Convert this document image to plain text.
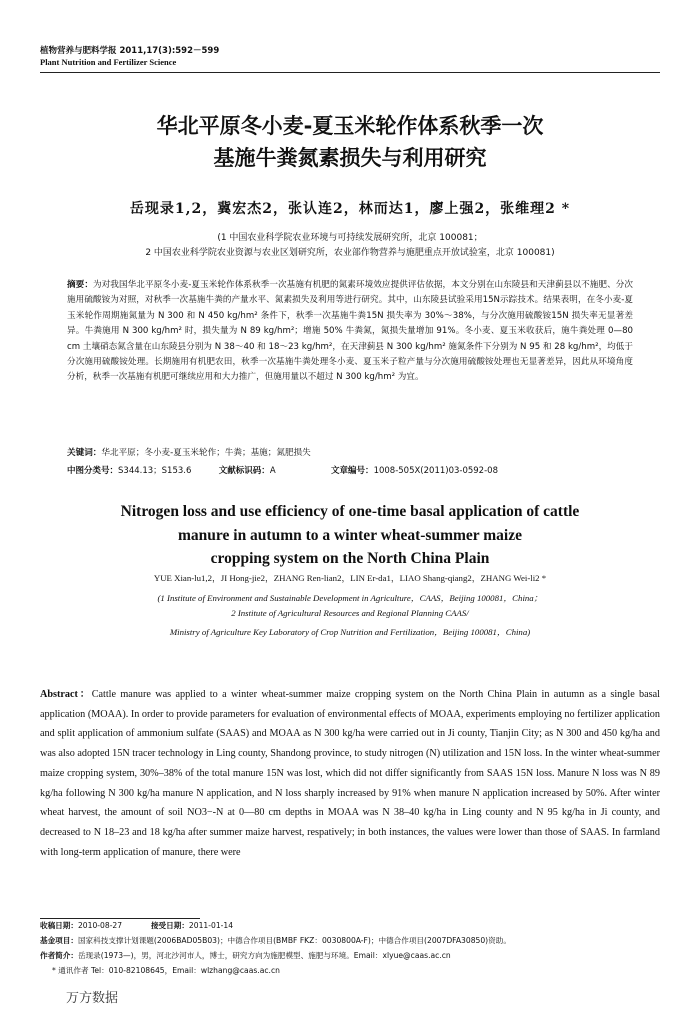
植物营养与肥料学报 2011,17(3):592－599
Plant Nutrition and Fertilizer Science
华北平原冬小麦-夏玉米轮作体系秋季一次
基施牛粪氮素损失与利用研究
岳现录1,2，冀宏杰2，张认连2，林而达1，廖上强2，张维理2 *
(1 中国农业科学院农业环境与可持续发展研究所，北京 100081；
2 中国农业科学院农业资源与农业区划研究所，农业部作物营养与施肥重点开放试验室，北京 100081)
摘要：为对我国华北平原冬小麦-夏玉米轮作体系秋季一次基施有机肥的氮素环境效应提供评估依据，本文分别在山东陵县和天津蓟县以不施肥、分次施用硫酸铵为对照，对秋季一次基施牛粪的产量水平、氮素损失及利用等进行研究。其中，山东陵县试验采用15N示踪技术。结果表明，在冬小麦-夏玉米轮作周期施氮量为 N 300 和 N 450 kg/hm² 条件下，秋季一次基施牛粪15N 损失率为 30%～38%，与分次施用硫酸铵15N 损失率无显著差异。牛粪施用 N 300 kg/hm² 时，损失量为 N 89 kg/hm²；增施 50% 牛粪氮，氮损失量增加 91%。冬小麦、夏玉米收获后，施牛粪处理 0—80 cm 土壤硝态氮含量在山东陵县分别为 N 38～40 和 18～23 kg/hm²，在天津蓟县 N 300 kg/hm² 施氮条件下分别为 N 95 和 28 kg/hm²，均低于分次施用硫酸铵处理。长期施用有机肥农田，秋季一次基施牛粪处理冬小麦、夏玉米子粒产量与分次施用硫酸铵处理也无显著差异，因此从环境角度分析，秋季一次基施有机肥可继续应用和大力推广，但施用量以不超过 N 300 kg/hm² 为宜。
关键词：华北平原；冬小麦-夏玉米轮作；牛粪；基施；氮肥损失
中图分类号：S344.13；S153.6	文献标识码：A	文章编号：1008-505X(2011)03-0592-08
Nitrogen loss and use efficiency of one-time basal application of cattle
manure in autumn to a winter wheat-summer maize
cropping system on the North China Plain
YUE Xian-lu1,2，JI Hong-jie2，ZHANG Ren-lian2，LIN Er-da1，LIAO Shang-qiang2，ZHANG Wei-li2 *
(1 Institute of Environment and Sustainable Development in Agriculture，CAAS，Beijing 100081，China；
2 Institute of Agricultural Resources and Regional Planning CAAS/
Ministry of Agriculture Key Laboratory of Crop Nutrition and Fertilization，Beijing 100081，China)
Abstract：Cattle manure was applied to a winter wheat-summer maize cropping system on the North China Plain in autumn as a single basal application (MOAA). In order to provide parameters for evaluation of environmental effects of MOAA, experiments employing no fertilizer application and split application of ammonium sulfate (SAAS) and MOAA as N 300 kg/ha were carried out in Ji county, Tianjin City; as N 300 and 450 kg/ha and was also adopted 15N tracer technology in Ling county, Shandong province, to study nitrogen (N) utilization and 15N loss. In the winter wheat-summer maize cropping system, 30%–38% of the total manure 15N was lost, which did not differ significantly from SAAS 15N loss. Manure N loss was N 89 kg/ha following N 300 kg/ha manure N application, and N loss sharply increased by 91% when manure N application increased by 50%. After winter wheat harvest, the amount of soil NO3−-N at 0—80 cm depths in MOAA was N 38–40 kg/ha in Ling county and N 95 kg/ha in Ji county, and decreased to N 18–23 and 18 kg/ha after summer maize harvest, respatively; in both instances, the values were lower than those of SAAS. In farmland with long-term application of manure, there were
收稿日期：2010-08-27	接受日期：2011-01-14
基金项目：国家科技支撑计划课题(2006BAD05B03)；中德合作项目(BMBF FKZ：0030800A-F)；中德合作项目(2007DFA30850)资助。
作者简介：岳现录(1973—)，男，河北沙河市人，博士，研究方向为施肥模型、施肥与环境。Email：xlyue@caas.ac.cn
* 通讯作者 Tel：010-82108645，Email：wlzhang@caas.ac.cn
万方数据
